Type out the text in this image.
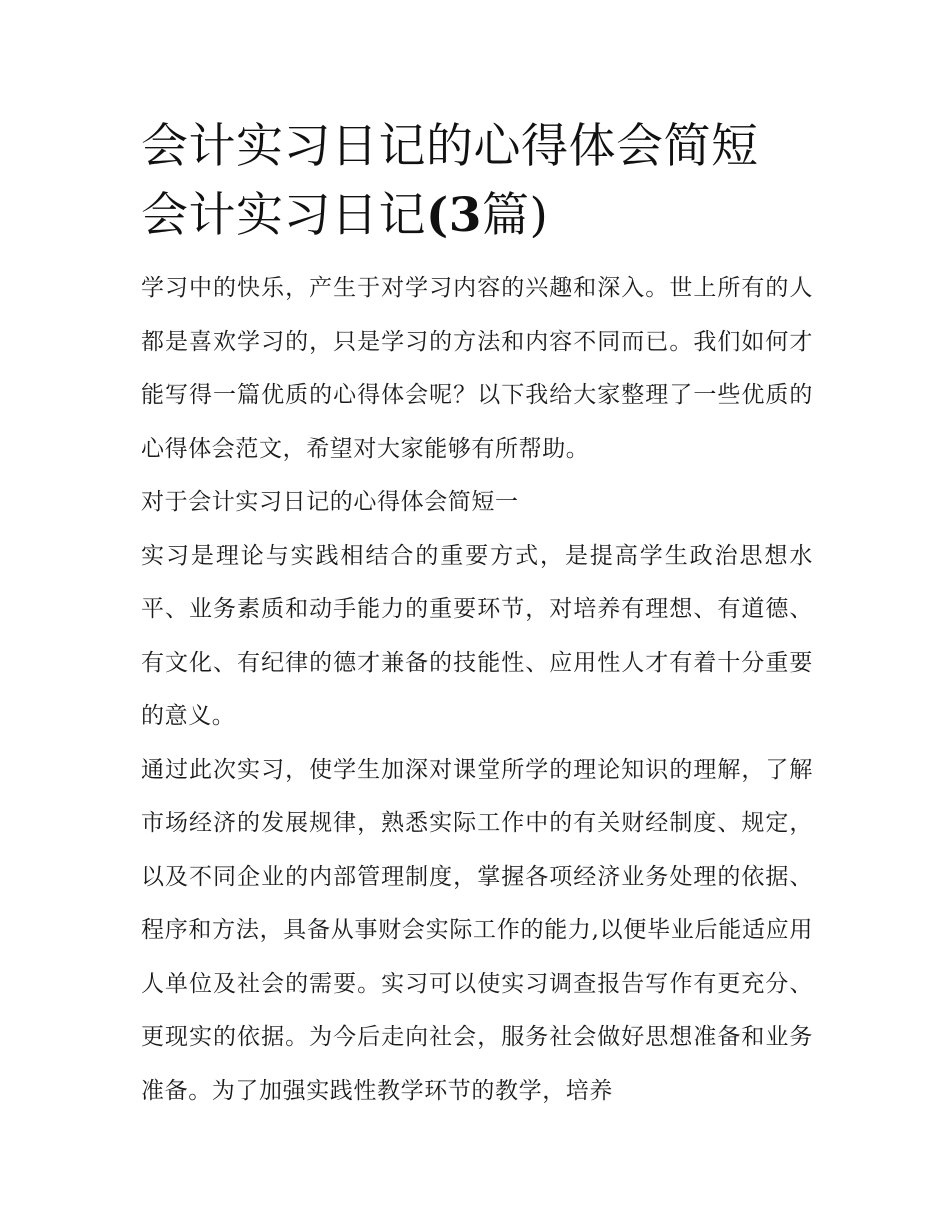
会计实习日记的心得体会简短
会计实习日记(3篇)

学习中的快乐，产生于对学习内容的兴趣和深入。世上所有的人都是喜欢学习的，只是学习的方法和内容不同而已。我们如何才能写得一篇优质的心得体会呢？以下我给大家整理了一些优质的心得体会范文，希望对大家能够有所帮助。

对于会计实习日记的心得体会简短一

实习是理论与实践相结合的重要方式，是提高学生政治思想水平、业务素质和动手能力的重要环节，对培养有理想、有道德、有文化、有纪律的德才兼备的技能性、应用性人才有着十分重要的意义。

通过此次实习，使学生加深对课堂所学的理论知识的理解，了解市场经济的发展规律，熟悉实际工作中的有关财经制度、规定，以及不同企业的内部管理制度，掌握各项经济业务处理的依据、程序和方法，具备从事财会实际工作的能力,以便毕业后能适应用人单位及社会的需要。实习可以使实习调查报告写作有更充分、更现实的依据。为今后走向社会，服务社会做好思想准备和业务准备。为了加强实践性教学环节的教学，培养
